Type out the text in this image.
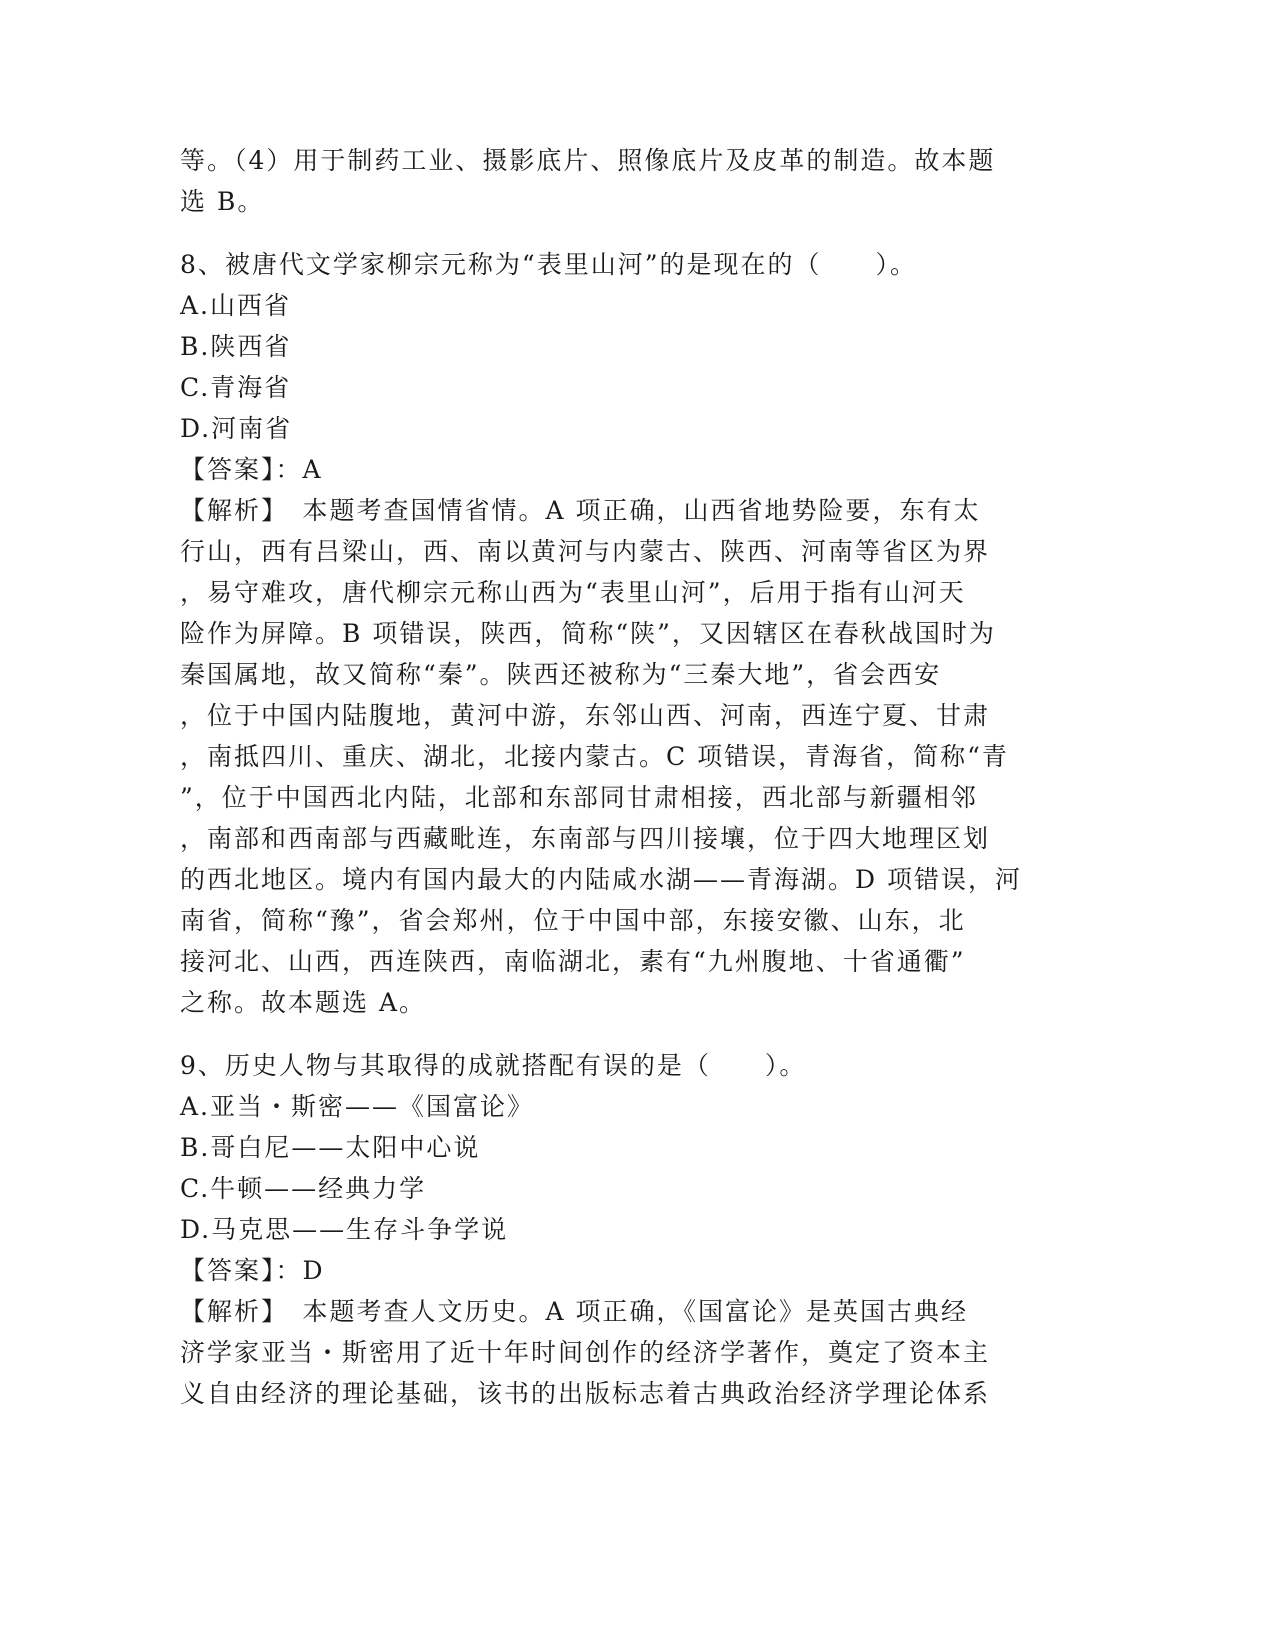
等。（4）用于制药工业、摄影底片、照像底片及皮革的制造。故本题
选 B。
8、被唐代文学家柳宗元称为“表里山河”的是现在的（　　）。
A.山西省
B.陕西省
C.青海省
D.河南省
【答案】：A
【解析】　本题考查国情省情。A 项正确，山西省地势险要，东有太
行山，西有吕梁山，西、南以黄河与内蒙古、陕西、河南等省区为界
，易守难攻，唐代柳宗元称山西为“表里山河”，后用于指有山河天
险作为屏障。B 项错误，陕西，简称“陕”，又因辖区在春秋战国时为
秦国属地，故又简称“秦”。陕西还被称为“三秦大地”，省会西安
，位于中国内陆腹地，黄河中游，东邻山西、河南，西连宁夏、甘肃
，南抵四川、重庆、湖北，北接内蒙古。C 项错误，青海省，简称“青
”，位于中国西北内陆，北部和东部同甘肃相接，西北部与新疆相邻
，南部和西南部与西藏毗连，东南部与四川接壤，位于四大地理区划
的西北地区。境内有国内最大的内陆咸水湖——青海湖。D 项错误，河
南省，简称“豫”，省会郑州，位于中国中部，东接安徽、山东，北
接河北、山西，西连陕西，南临湖北，素有“九州腹地、十省通衢”
之称。故本题选 A。
9、历史人物与其取得的成就搭配有误的是（　　）。
A.亚当・斯密——《国富论》
B.哥白尼——太阳中心说
C.牛顿——经典力学
D.马克思——生存斗争学说
【答案】：D
【解析】　本题考查人文历史。A 项正确，《国富论》是英国古典经
济学家亚当・斯密用了近十年时间创作的经济学著作，奠定了资本主
义自由经济的理论基础，该书的出版标志着古典政治经济学理论体系
